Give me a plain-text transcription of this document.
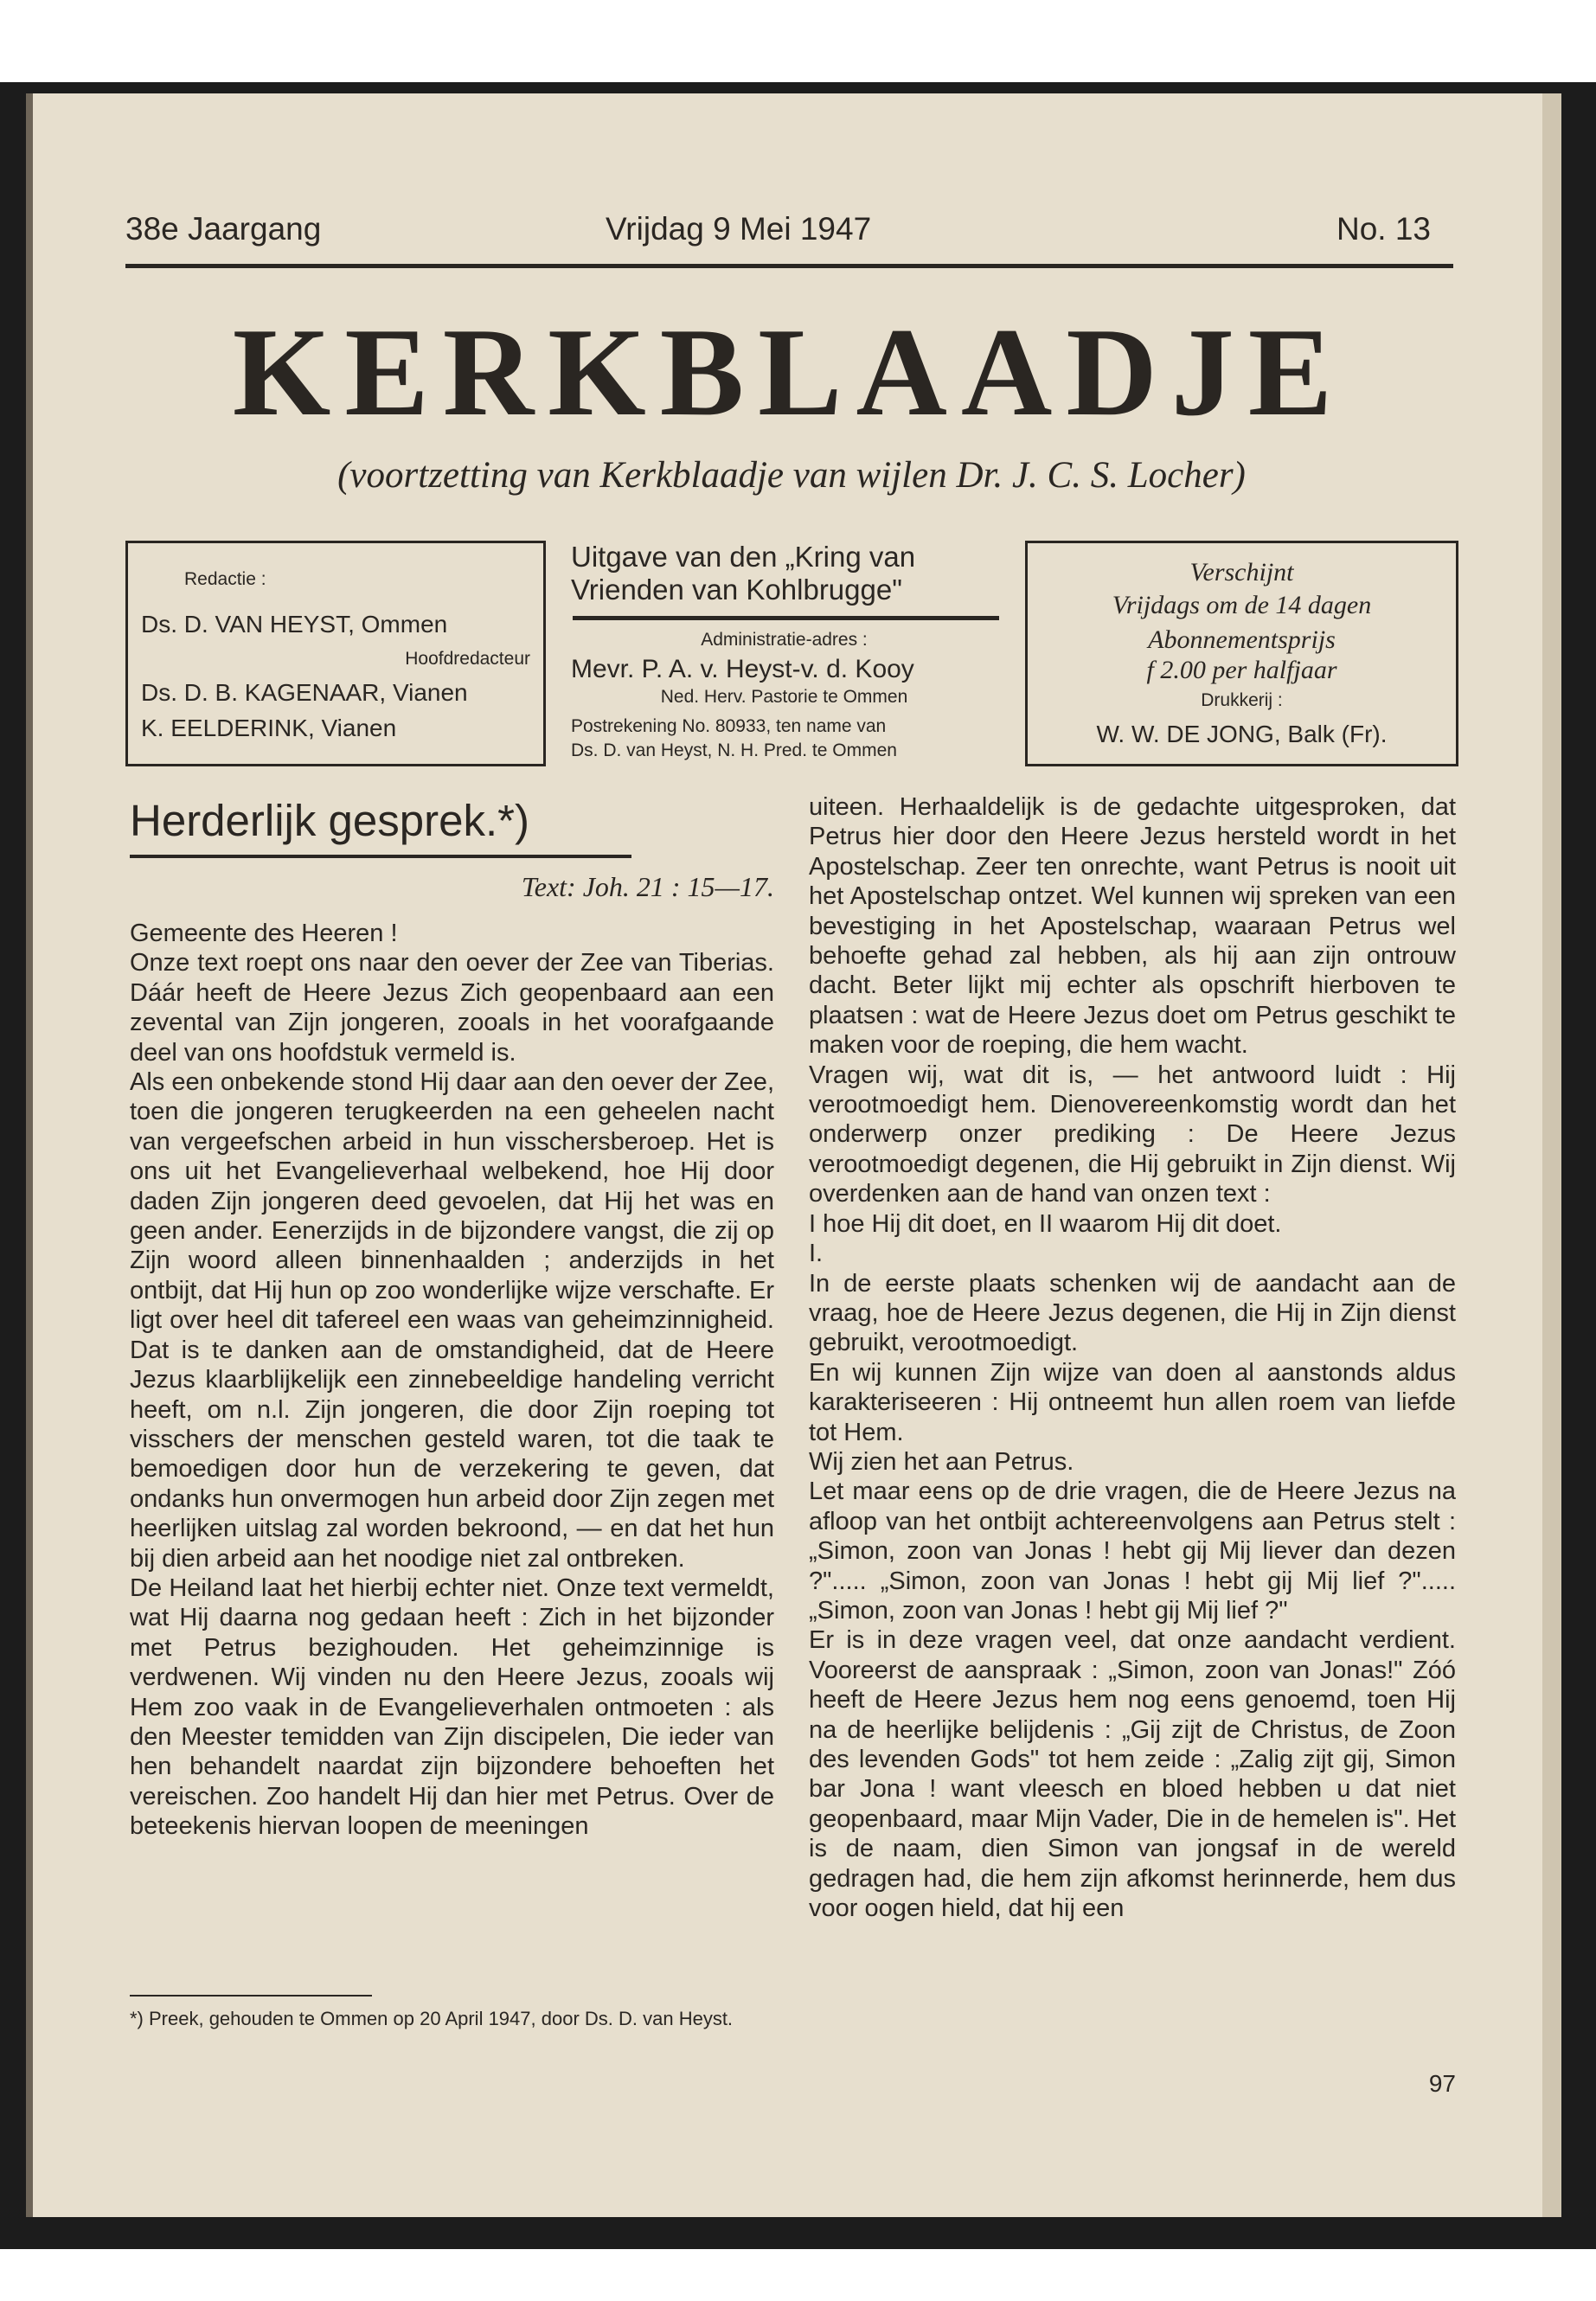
38e Jaargang	Vrijdag 9 Mei 1947	No. 13
KERKBLAADJE
(voortzetting van Kerkblaadje van wijlen Dr. J. C. S. Locher)
Redactie :
Ds. D. VAN HEYST, Ommen
Hoofdredacteur
Ds. D. B. KAGENAAR, Vianen
K. EELDERINK, Vianen
Uitgave van den „Kring van
Vrienden van Kohlbrugge"
Administratie-adres :
Mevr. P. A. v. Heyst-v. d. Kooy
Ned. Herv. Pastorie te Ommen
Postrekening No. 80933, ten name van
Ds. D. van Heyst, N. H. Pred. te Ommen
Verschijnt
Vrijdags om de 14 dagen
Abonnementsprijs
f 2.00 per halfjaar
Drukkerij :
W. W. DE JONG, Balk (Fr).
Herderlijk gesprek.*)
Text: Joh. 21 : 15—17.

Gemeente des Heeren !

Onze text roept ons naar den oever der Zee van Tiberias. Dáár heeft de Heere Jezus Zich geopenbaard aan een zevental van Zijn jongeren, zooals in het voorafgaande deel van ons hoofdstuk vermeld is.

Als een onbekende stond Hij daar aan den oever der Zee, toen die jongeren terugkeerden na een geheelen nacht van vergeefschen arbeid in hun visschersberoep. Het is ons uit het Evangelieverhaal welbekend, hoe Hij door daden Zijn jongeren deed gevoelen, dat Hij het was en geen ander. Eenerzijds in de bijzondere vangst, die zij op Zijn woord alleen binnenhaalden ; anderzijds in het ontbijt, dat Hij hun op zoo wonderlijke wijze verschafte. Er ligt over heel dit tafereel een waas van geheimzinnigheid. Dat is te danken aan de omstandigheid, dat de Heere Jezus klaarblijkelijk een zinnebeeldige handeling verricht heeft, om n.l. Zijn jongeren, die door Zijn roeping tot visschers der menschen gesteld waren, tot die taak te bemoedigen door hun de verzekering te geven, dat ondanks hun onvermogen hun arbeid door Zijn zegen met heerlijken uitslag zal worden bekroond, — en dat het hun bij dien arbeid aan het noodige niet zal ontbreken.

De Heiland laat het hierbij echter niet. Onze text vermeldt, wat Hij daarna nog gedaan heeft : Zich in het bijzonder met Petrus bezighouden. Het geheimzinnige is verdwenen. Wij vinden nu den Heere Jezus, zooals wij Hem zoo vaak in de Evangelieverhalen ontmoeten : als den Meester temidden van Zijn discipelen, Die ieder van hen behandelt naardat zijn bijzondere behoeften het vereischen. Zoo handelt Hij dan hier met Petrus. Over de beteekenis hiervan loopen de meeningen

*) Preek, gehouden te Ommen op 20 April 1947, door Ds. D. van Heyst.

uiteen. Herhaaldelijk is de gedachte uitgesproken, dat Petrus hier door den Heere Jezus hersteld wordt in het Apostelschap. Zeer ten onrechte, want Petrus is nooit uit het Apostelschap ontzet. Wel kunnen wij spreken van een bevestiging in het Apostelschap, waaraan Petrus wel behoefte gehad zal hebben, als hij aan zijn ontrouw dacht. Beter lijkt mij echter als opschrift hierboven te plaatsen : wat de Heere Jezus doet om Petrus geschikt te maken voor de roeping, die hem wacht.

Vragen wij, wat dit is, — het antwoord luidt : Hij verootmoedigt hem. Dienovereenkomstig wordt dan het onderwerp onzer prediking : De Heere Jezus verootmoedigt degenen, die Hij gebruikt in Zijn dienst. Wij overdenken aan de hand van onzen text :

I hoe Hij dit doet, en II waarom Hij dit doet.

I.

In de eerste plaats schenken wij de aandacht aan de vraag, hoe de Heere Jezus degenen, die Hij in Zijn dienst gebruikt, verootmoedigt.

En wij kunnen Zijn wijze van doen al aanstonds aldus karakteriseeren : Hij ontneemt hun allen roem van liefde tot Hem.

Wij zien het aan Petrus.

Let maar eens op de drie vragen, die de Heere Jezus na afloop van het ontbijt achtereenvolgens aan Petrus stelt : „Simon, zoon van Jonas ! hebt gij Mij liever dan dezen ?"..... „Simon, zoon van Jonas ! hebt gij Mij lief ?"..... „Simon, zoon van Jonas ! hebt gij Mij lief ?"

Er is in deze vragen veel, dat onze aandacht verdient. Vooreerst de aanspraak : „Simon, zoon van Jonas!" Zóó heeft de Heere Jezus hem nog eens genoemd, toen Hij na de heerlijke belijdenis : „Gij zijt de Christus, de Zoon des levenden Gods" tot hem zeide : „Zalig zijt gij, Simon bar Jona ! want vleesch en bloed hebben u dat niet geopenbaard, maar Mijn Vader, Die in de hemelen is". Het is de naam, dien Simon van jongsaf in de wereld gedragen had, die hem zijn afkomst herinnerde, hem dus voor oogen hield, dat hij een

97
